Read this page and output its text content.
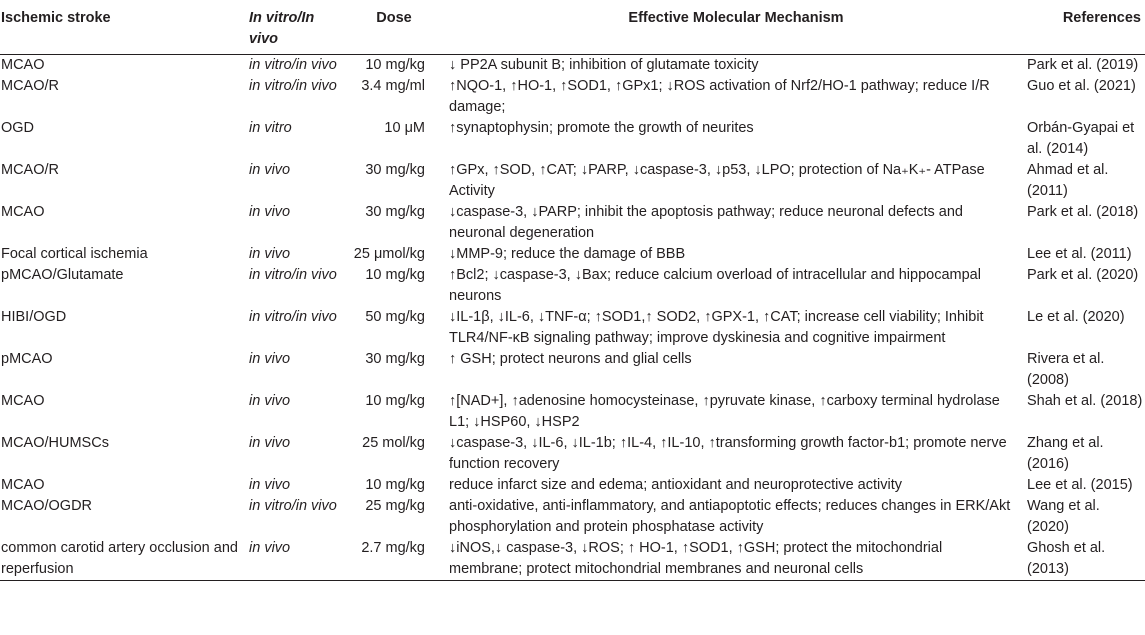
Ischemic stroke	In vitro/In vivo	Dose	Effective Molecular Mechanism	References
MCAO	in vitro/in vivo	10 mg/kg	↓ PP2A subunit B; inhibition of glutamate toxicity	Park et al. (2019)
MCAO/R	in vitro/in vivo	3.4 mg/ml	↑NQO-1, ↑HO-1, ↑SOD1, ↑GPx1; ↓ROS activation of Nrf2/HO-1 pathway; reduce I/R damage;	Guo et al. (2021)
OGD	in vitro	10 μM	↑synaptophysin; promote the growth of neurites	Orbán-Gyapai et al. (2014)
MCAO/R	in vivo	30 mg/kg	↑GPx, ↑SOD, ↑CAT; ↓PARP, ↓caspase-3, ↓p53, ↓LPO; protection of Na₊K₊- ATPase Activity	Ahmad et al. (2011)
MCAO	in vivo	30 mg/kg	↓caspase-3, ↓PARP; inhibit the apoptosis pathway; reduce neuronal defects and neuronal degeneration	Park et al. (2018)
Focal cortical ischemia	in vivo	25 μmol/kg	↓MMP-9; reduce the damage of BBB	Lee et al. (2011)
pMCAO/Glutamate	in vitro/in vivo	10 mg/kg	↑Bcl2; ↓caspase-3, ↓Bax; reduce calcium overload of intracellular and hippocampal neurons	Park et al. (2020)
HIBI/OGD	in vitro/in vivo	50 mg/kg	↓IL-1β, ↓IL-6, ↓TNF-α; ↑SOD1,↑ SOD2, ↑GPX-1, ↑CAT; increase cell viability; Inhibit TLR4/NF-κB signaling pathway; improve dyskinesia and cognitive impairment	Le et al. (2020)
pMCAO	in vivo	30 mg/kg	↑ GSH; protect neurons and glial cells	Rivera et al. (2008)
MCAO	in vivo	10 mg/kg	↑[NAD+], ↑adenosine homocysteinase, ↑pyruvate kinase, ↑carboxy terminal hydrolase L1; ↓HSP60, ↓HSP2	Shah et al. (2018)
MCAO/HUMSCs	in vivo	25 mol/kg	↓caspase-3, ↓IL-6, ↓IL-1b; ↑IL-4, ↑IL-10, ↑transforming growth factor-b1; promote nerve function recovery	Zhang et al. (2016)
MCAO	in vivo	10 mg/kg	reduce infarct size and edema; antioxidant and neuroprotective activity	Lee et al. (2015)
MCAO/OGDR	in vitro/in vivo	25 mg/kg	anti-oxidative, anti-inflammatory, and antiapoptotic effects; reduces changes in ERK/Akt phosphorylation and protein phosphatase activity	Wang et al. (2020)
common carotid artery occlusion and reperfusion	in vivo	2.7 mg/kg	↓iNOS,↓ caspase-3, ↓ROS; ↑ HO-1, ↑SOD1, ↑GSH; protect the mitochondrial membrane; protect mitochondrial membranes and neuronal cells	Ghosh et al. (2013)
